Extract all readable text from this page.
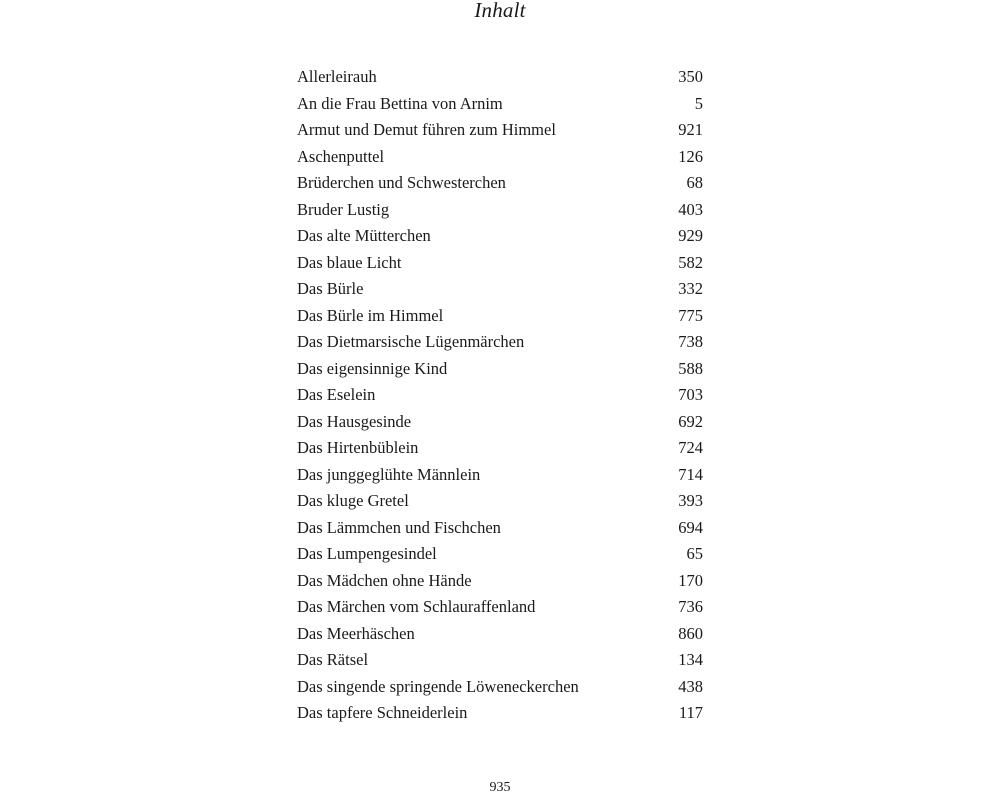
Inhalt
Allerleirauh	350
An die Frau Bettina von Arnim	5
Armut und Demut führen zum Himmel	921
Aschenputtel	126
Brüderchen und Schwesterchen	68
Bruder Lustig	403
Das alte Mütterchen	929
Das blaue Licht	582
Das Bürle	332
Das Bürle im Himmel	775
Das Dietmarsische Lügenmärchen	738
Das eigensinnige Kind	588
Das Eselein	703
Das Hausgesinde	692
Das Hirtenbüblein	724
Das junggeglühte Männlein	714
Das kluge Gretel	393
Das Lämmchen und Fischchen	694
Das Lumpengesindel	65
Das Mädchen ohne Hände	170
Das Märchen vom Schlauraffenland	736
Das Meerhäschen	860
Das Rätsel	134
Das singende springende Löweneckerchen	438
Das tapfere Schneiderlein	117
935
